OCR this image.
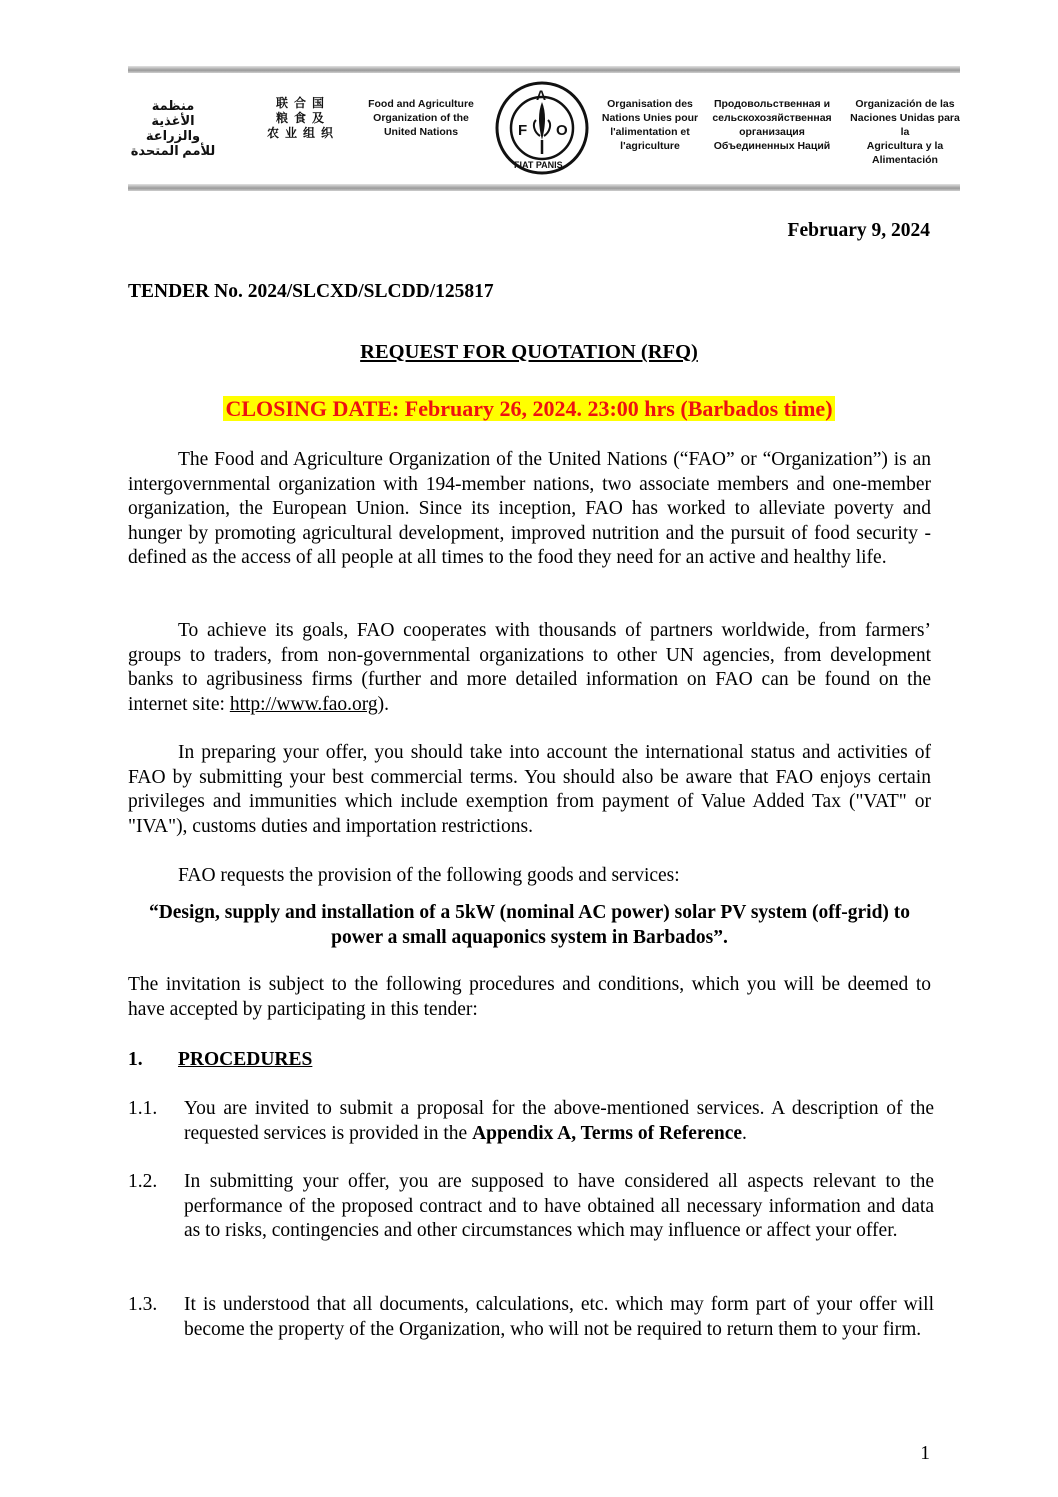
منظمة
الأغذية والزراعة
للأمم المتحدة
联合国
粮食及
农业组织
Food and Agriculture
Organization of the
United Nations	F
A
O
FIAT PANIS
Organisation des
Nations Unies pour
l'alimentation et
l'agriculture
Продовольственная и
сельскохозяйственная
организация
Объединенных Наций
Organización de las
Naciones Unidas para la
Agricultura y la
Alimentación
February 9, 2024
TENDER No. 2024/SLCXD/SLCDD/125817
REQUEST FOR QUOTATION (RFQ)
CLOSING DATE: February 26, 2024. 23:00 hrs (Barbados time)
The Food and Agriculture Organization of the United Nations (“FAO” or “Organization”) is an intergovernmental organization with 194-member nations, two associate members and one-member organization, the European Union. Since its inception, FAO has worked to alleviate poverty and hunger by promoting agricultural development, improved nutrition and the pursuit of food security - defined as the access of all people at all times to the food they need for an active and healthy life.
To achieve its goals, FAO cooperates with thousands of partners worldwide, from farmers’ groups to traders, from non-governmental organizations to other UN agencies, from development banks to agribusiness firms (further and more detailed information on FAO can be found on the internet site: http://www.fao.org).
In preparing your offer, you should take into account the international status and activities of FAO by submitting your best commercial terms. You should also be aware that FAO enjoys certain privileges and immunities which include exemption from payment of Value Added Tax ("VAT" or "IVA"), customs duties and importation restrictions.
FAO requests the provision of the following goods and services:
“Design, supply and installation of a 5kW (nominal AC power) solar PV system (off-grid) to power a small aquaponics system in Barbados”.
The invitation is subject to the following procedures and conditions, which you will be deemed to have accepted by participating in this tender:
1. PROCEDURES
1.1. You are invited to submit a proposal for the above-mentioned services. A description of the requested services is provided in the Appendix A, Terms of Reference.
1.2. In submitting your offer, you are supposed to have considered all aspects relevant to the performance of the proposed contract and to have obtained all necessary information and data as to risks, contingencies and other circumstances which may influence or affect your offer.
1.3. It is understood that all documents, calculations, etc. which may form part of your offer will become the property of the Organization, who will not be required to return them to your firm.
1
